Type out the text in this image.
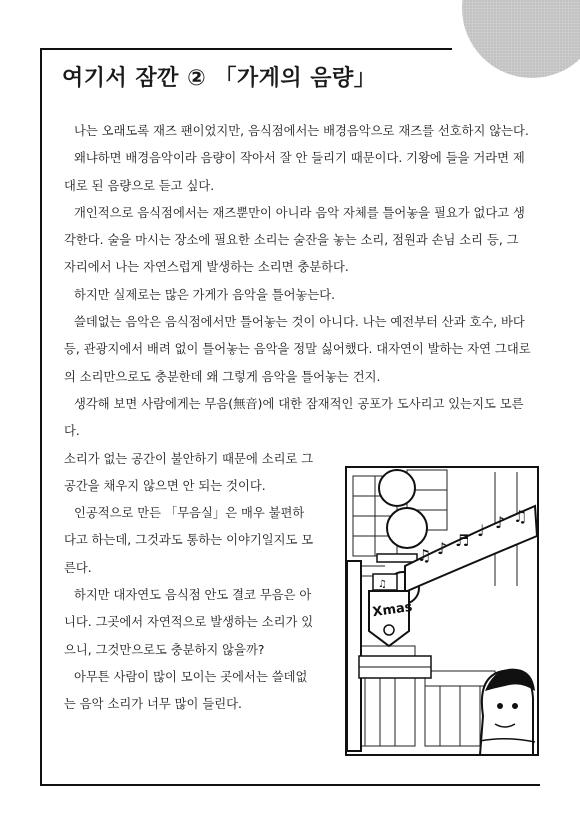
여기서 잠깐 ② 「가게의 음량」

나는 오래도록 재즈 팬이었지만, 음식점에서는 배경음악으로 재즈를 선호하지 않는다.

왜냐하면 배경음악이라 음량이 작아서 잘 안 들리기 때문이다. 기왕에 들을 거라면 제대로 된 음량으로 듣고 싶다.

개인적으로 음식점에서는 재즈뿐만이 아니라 음악 자체를 틀어놓을 필요가 없다고 생각한다. 술을 마시는 장소에 필요한 소리는 술잔을 놓는 소리, 점원과 손님 소리 등, 그 자리에서 나는 자연스럽게 발생하는 소리면 충분하다.

하지만 실제로는 많은 가게가 음악을 틀어놓는다.

쓸데없는 음악은 음식점에서만 틀어놓는 것이 아니다. 나는 예전부터 산과 호수, 바다 등, 관광지에서 배려 없이 틀어놓는 음악을 정말 싫어했다. 대자연이 발하는 자연 그대로의 소리만으로도 충분한데 왜 그렇게 음악을 틀어놓는 건지.

생각해 보면 사람에게는 무음(無音)에 대한 잠재적인 공포가 도사리고 있는지도 모른다.

소리가 없는 공간이 불안하기 때문에 소리로 그 공간을 채우지 않으면 안 되는 것이다.

인공적으로 만든 「무음실」은 매우 불편하다고 하는데, 그것과도 통하는 이야기일지도 모른다.

하지만 대자연도 음식점 안도 결코 무음은 아니다. 그곳에서 자연적으로 발생하는 소리가 있으니, 그것만으로도 충분하지 않을까?

아무튼 사람이 많이 모이는 곳에서는 쓸데없는 음악 소리가 너무 많이 들린다.

♫ ♪ ♬
♩ ♪ ♫
♫
Xmas
